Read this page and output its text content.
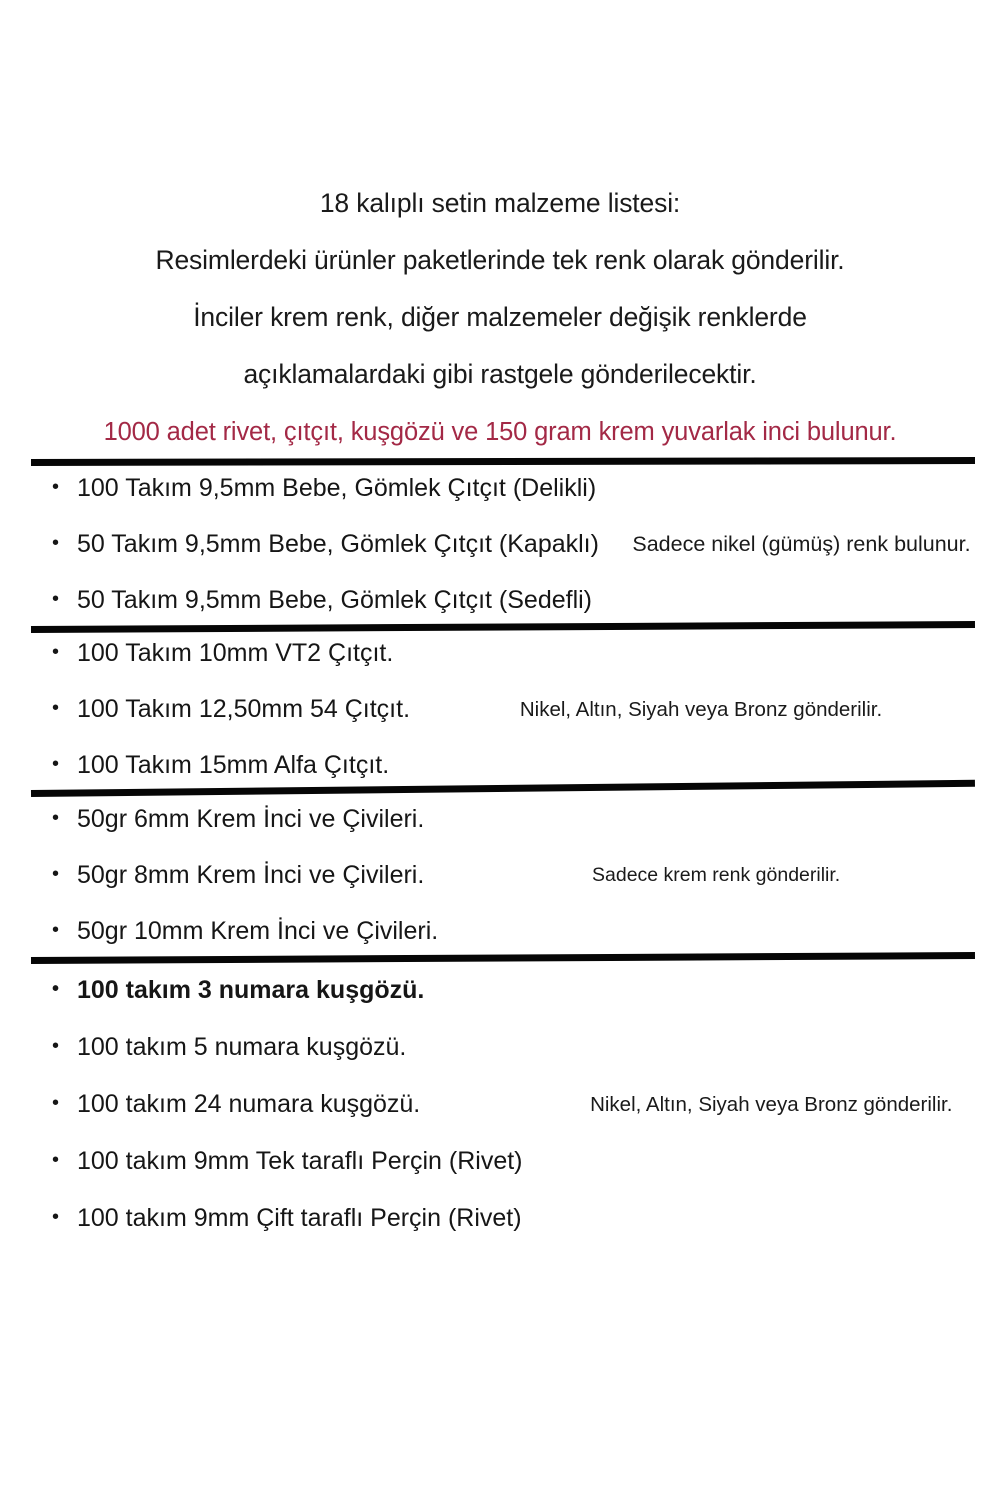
18 kalıplı setin malzeme listesi:
Resimlerdeki ürünler paketlerinde tek renk olarak gönderilir.
İnciler krem renk, diğer malzemeler değişik renklerde
açıklamalardaki gibi rastgele gönderilecektir.
1000 adet rivet, çıtçıt, kuşgözü ve 150 gram krem yuvarlak inci bulunur.
• 100 Takım 9,5mm Bebe, Gömlek Çıtçıt (Delikli)
• 50 Takım 9,5mm Bebe, Gömlek Çıtçıt (Kapaklı)
• 50 Takım 9,5mm Bebe, Gömlek Çıtçıt (Sedefli)
Sadece nikel (gümüş) renk bulunur.
• 100 Takım 10mm VT2 Çıtçıt.
• 100 Takım 12,50mm 54 Çıtçıt.
• 100 Takım 15mm Alfa Çıtçıt.
Nikel, Altın, Siyah veya Bronz gönderilir.
• 50gr 6mm Krem İnci ve Çivileri.
• 50gr 8mm Krem İnci ve Çivileri.
• 50gr 10mm Krem İnci ve Çivileri.
Sadece krem renk gönderilir.
• 100 takım 3 numara kuşgözü.
• 100 takım 5 numara kuşgözü.
• 100 takım 24 numara kuşgözü.
• 100 takım 9mm Tek taraflı Perçin (Rivet)
• 100 takım 9mm Çift taraflı Perçin (Rivet)
Nikel, Altın, Siyah veya Bronz gönderilir.
